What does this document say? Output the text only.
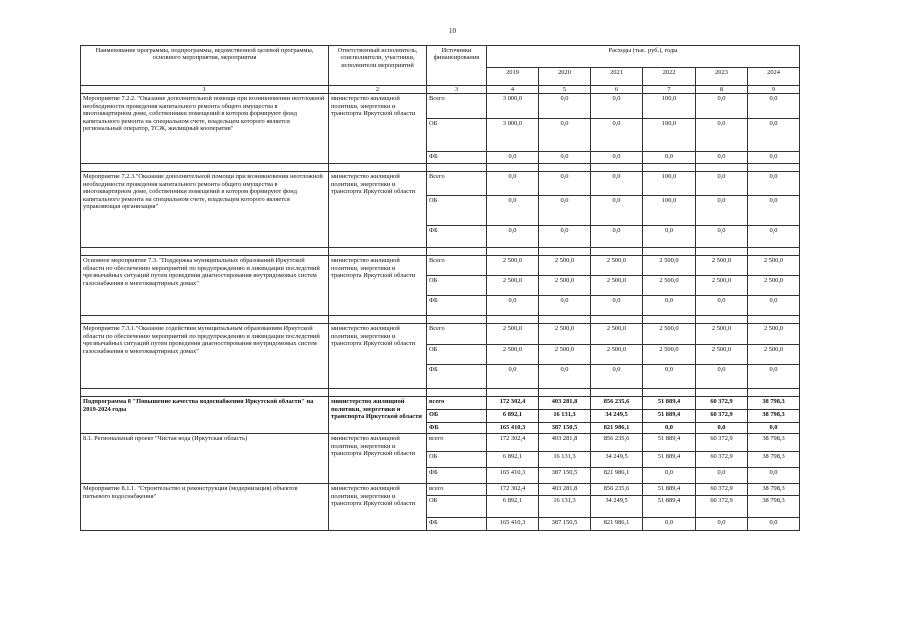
10
Наименование программы, подпрограммы, ведомственной целевой программы, основного мероприятия, мероприятия	Ответственный исполнитель, соисполнители, участники, исполнители мероприятий	Источники финансирования	Расходы (тыс. руб.), годы					
			2019	2020	2021	2022	2023	2024
1	2	3	4	5	6	7	8	9
Мероприятие 7.2.2. "Оказание дополнительной помощи при возникновении неотложной необходимости проведения капитального ремонта общего имущества в многоквартирном доме, собственники помещений в котором формируют фонд капитального ремонта на специальном счете, владельцем которого является региональный оператор, ТСЖ, жилищный кооператив"	министерство жилищной политики, энергетики и транспорта Иркутской области	Всего	3 000,0	0,0	0,0	100,0	0,0	0,0
		ОБ	3 000,0	0,0	0,0	100,0	0,0	0,0
		ФБ	0,0	0,0	0,0	0,0	0,0	0,0

Мероприятие 7.2.3."Оказание дополнительной помощи при возникновении неотложной необходимости проведения капитального ремонта общего имущества в многоквартирном доме, собственники помещений в котором формируют фонд капитального ремонта на специальном счете, владельцем которого является управляющая организация"	министерство жилищной политики, энергетики и транспорта Иркутской области	Всего	0,0	0,0	0,0	100,0	0,0	0,0
		ОБ	0,0	0,0	0,0	100,0	0,0	0,0
		ФБ	0,0	0,0	0,0	0,0	0,0	0,0

Основное мероприятие 7.3. "Поддержка муниципальных образований Иркутской области по обеспечению мероприятий по предупреждению и ликвидации последствий чрезвычайных ситуаций путем проведения диагностирования внутридомовых систем газоснабжения в многоквартирных домах"	министерство жилищной политики, энергетики и транспорта Иркутской области	Всего	2 500,0	2 500,0	2 500,0	2 500,0	2 500,0	2 500,0
		ОБ	2 500,0	2 500,0	2 500,0	2 500,0	2 500,0	2 500,0
		ФБ	0,0	0,0	0,0	0,0	0,0	0,0

Мероприятие 7.3.1."Оказание содействия муниципальным образованиям Иркутской области по обеспечению мероприятий по предупреждению и ликвидации последствий чрезвычайных ситуаций путем проведения диагностирования внутридомовых систем газоснабжения в многоквартирных домах"	министерство жилищной политики, энергетики и транспорта Иркутской области	Всего	2 500,0	2 500,0	2 500,0	2 500,0	2 500,0	2 500,0
		ОБ	2 500,0	2 500,0	2 500,0	2 500,0	2 500,0	2 500,0
		ФБ	0,0	0,0	0,0	0,0	0,0	0,0

Подпрограмма 8 "Повышение качества водоснабжения Иркутской области" на 2019-2024 годы	министерство жилищной политики, энергетики и транспорта Иркутской области	всего	172 302,4	403 281,8	856 235,6	51 889,4	60 372,9	38 798,3
		ОБ	6 892,1	16 131,3	34 249,5	51 889,4	60 372,9	38 798,3
		ФБ	165 410,3	387 150,5	821 986,1	0,0	0,0	0,0
8.1. Региональный проект "Чистая вода (Иркутская область)	министерство жилищной политики, энергетики и транспорта Иркутской области	всего	172 302,4	403 281,8	856 235,6	51 889,4	60 372,9	38 798,3
		ОБ	6 892,1	16 131,3	34 249,5	51 889,4	60 372,9	38 798,3
		ФБ	165 410,3	387 150,5	821 986,1	0,0	0,0	0,0
Мероприятие 8.1.1. "Строительство и реконструкция (модернизация) объектов питьевого водоснабжения"	министерство жилищной политики, энергетики и транспорта Иркутской области	всего	172 302,4	403 281,8	856 235,6	51 889,4	60 372,9	38 798,3
		ОБ	6 892,1	16 131,3	34 249,5	51 889,4	60 372,9	38 798,3
		ФБ	165 410,3	387 150,5	821 986,1	0,0	0,0	0,0
